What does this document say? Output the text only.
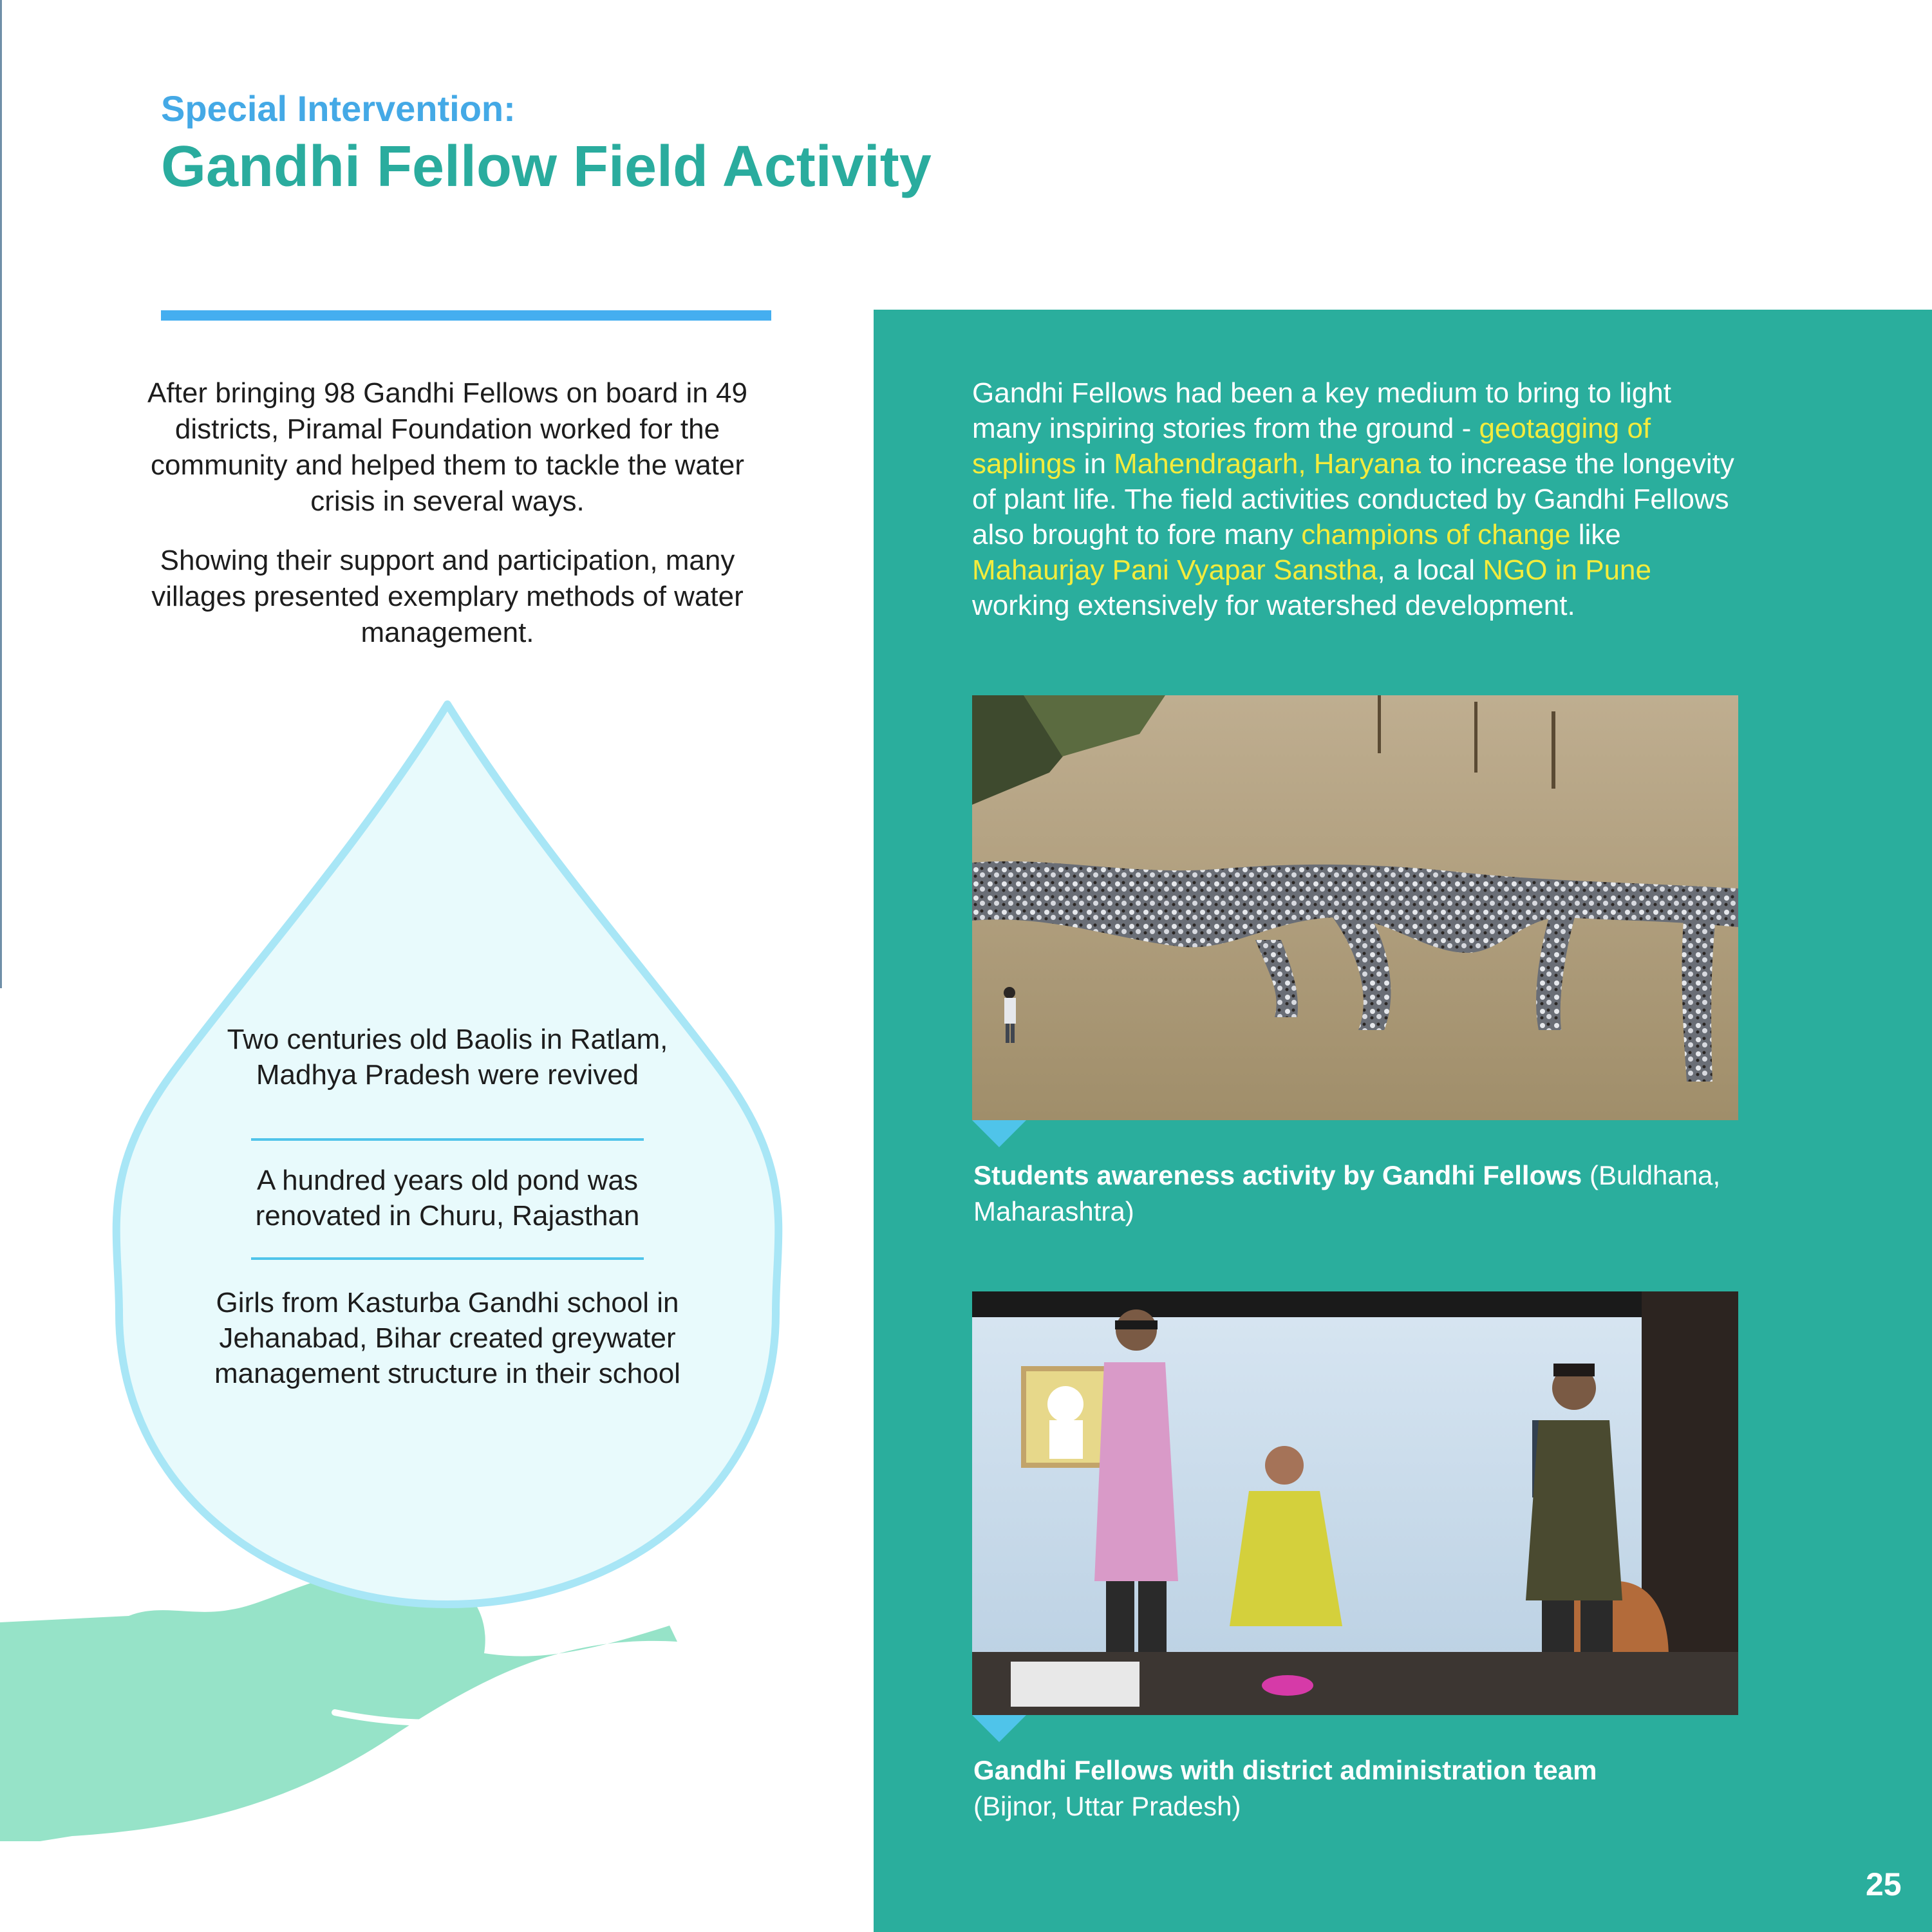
Special Intervention:
Gandhi Fellow Field Activity
After bringing 98 Gandhi Fellows on board in 49 districts, Piramal Foundation worked for the community and helped them to tackle the water crisis in several ways.
Showing their support and participation, many villages presented exemplary methods of water management.
Two centuries old Baolis in Ratlam, Madhya Pradesh were revived
A hundred years old pond was renovated in Churu, Rajasthan
Girls from Kasturba Gandhi school in Jehanabad, Bihar created greywater management structure in their school
Gandhi Fellows had been a key medium to bring to light many inspiring stories from the ground - geotagging of saplings in Mahendragarh, Haryana to increase the longevity of plant life. The field activities conducted by Gandhi Fellows also brought to fore many champions of change like Mahaurjay Pani Vyapar Sanstha, a local NGO in Pune working extensively for watershed development.
Students awareness activity by Gandhi Fellows (Buldhana, Maharashtra)
Gandhi Fellows with district administration team
(Bijnor, Uttar Pradesh)
25
